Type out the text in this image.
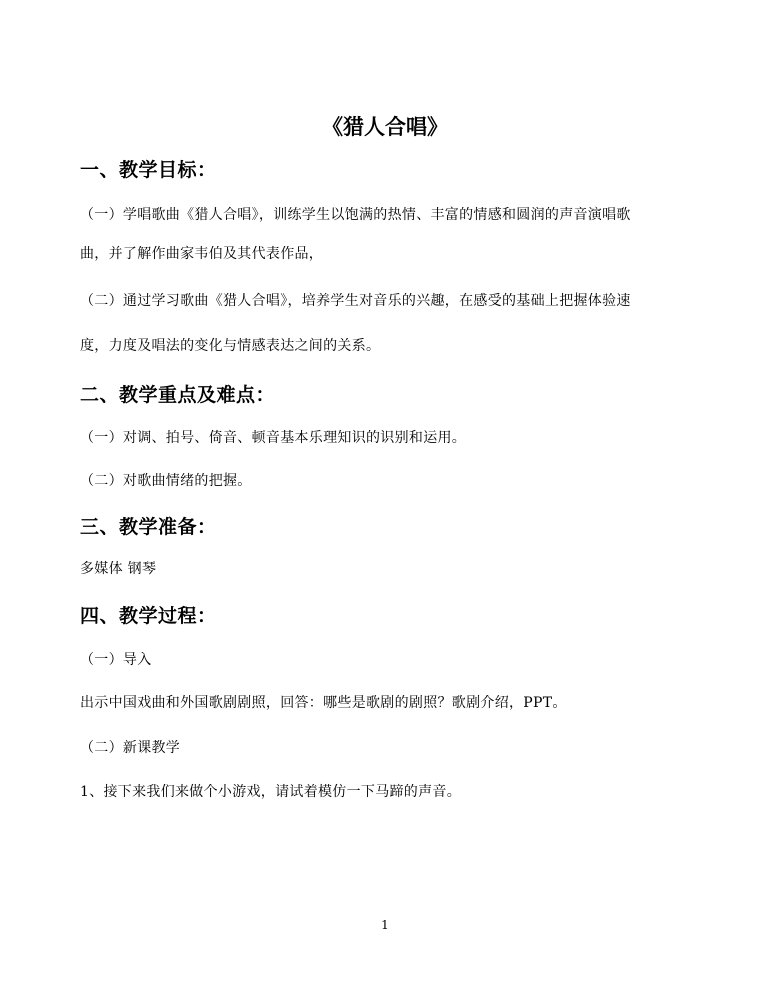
《猎人合唱》
一、教学目标：
（一）学唱歌曲《猎人合唱》，训练学生以饱满的热情、丰富的情感和圆润的声音演唱歌
曲，并了解作曲家韦伯及其代表作品，
（二）通过学习歌曲《猎人合唱》，培养学生对音乐的兴趣，在感受的基础上把握体验速
度，力度及唱法的变化与情感表达之间的关系。
二、教学重点及难点：
（一）对调、拍号、倚音、顿音基本乐理知识的识别和运用。
（二）对歌曲情绪的把握。
三、教学准备：
多媒体 钢琴
四、教学过程：
（一）导入
出示中国戏曲和外国歌剧剧照，回答：哪些是歌剧的剧照？歌剧介绍，PPT。
（二）新课教学
1、接下来我们来做个小游戏，请试着模仿一下马蹄的声音。
1
